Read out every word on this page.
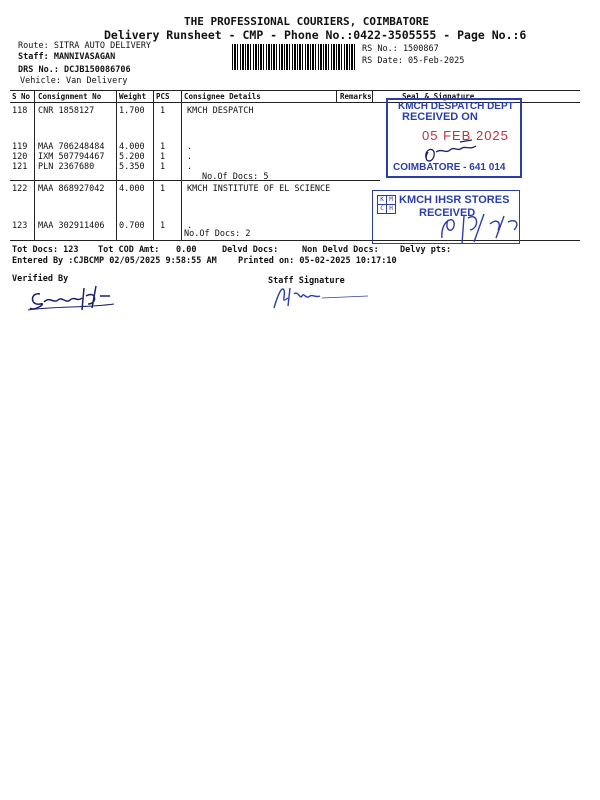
THE PROFESSIONAL COURIERS, COIMBATORE
Delivery Runsheet - CMP - Phone No.:0422-3505555 - Page No.:6
Route: SITRA AUTO DELIVERY
Staff: MANNIVASAGAN
DRS No.: DCJB150086706
Vehicle: Van Delivery
RS No.: 1500867
RS Date: 05-Feb-2025
S No Consignment No Weight PCS Consignee Details	Remarks	Seal & Signature
118 CNR 1858127	1.700 1	KMCH DESPATCH
119 MAA 706248484 4.000 1	.
120 IXM 507794467 5.200 1	.
121 PLN 2367680	5.350 1	.
No.Of Docs: 5
122 MAA 868927042 4.000 1	KMCH INSTITUTE OF EL SCIENCE
123 MAA 302911406 0.700 1	.
No.Of Docs: 2
KMCH DESPATCH DEPT
RECEIVED ON
05 FEB 2025
COIMBATORE - 641 014
K M
C H
KMCH IHSR STORES
RECEIVED
Tot Docs: 123 Tot COD Amt: 0.00	Delvd Docs:	Non Delvd Docs: Delvy pts:
Entered By :CJBCMP 02/05/2025 9:58:55 AM	Printed on: 05-02-2025 10:17:10
Verified By	Staff Signature
